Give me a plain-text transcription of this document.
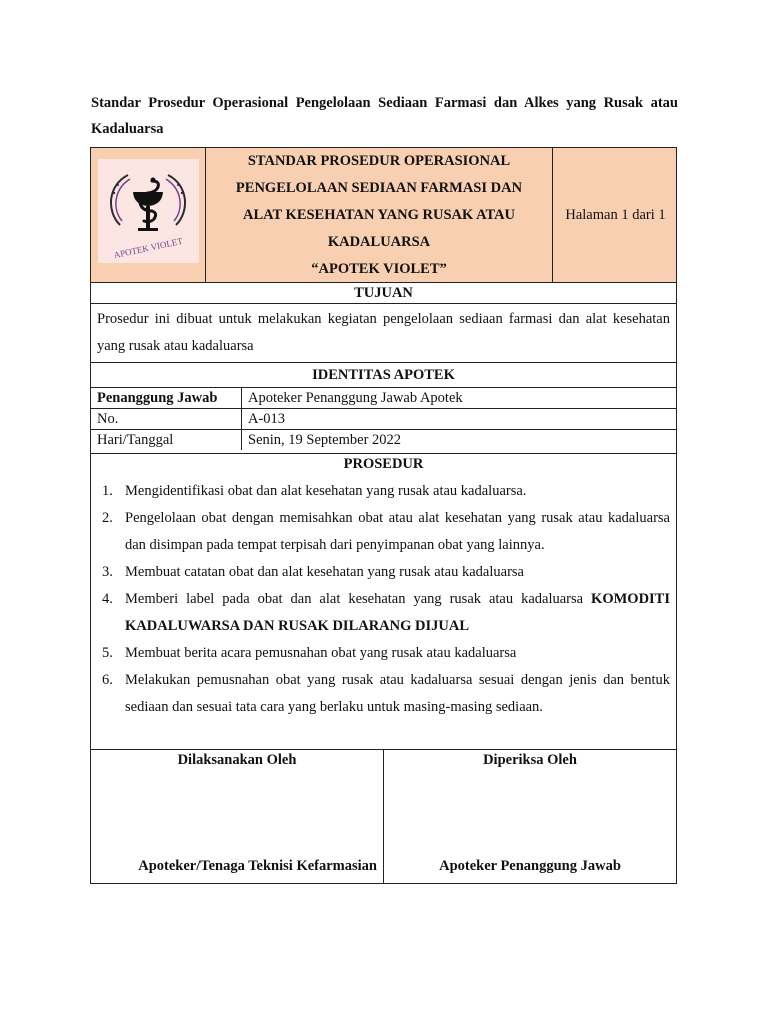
Standar Prosedur Operasional Pengelolaan Sediaan Farmasi dan Alkes yang Rusak atau Kadaluarsa
APOTEK VIOLET
STANDAR PROSEDUR OPERASIONAL
PENGELOLAAN SEDIAAN FARMASI DAN
ALAT KESEHATAN YANG RUSAK ATAU
KADALUARSA
“APOTEK VIOLET”
Halaman 1 dari 1
TUJUAN
Prosedur ini dibuat untuk melakukan kegiatan pengelolaan sediaan farmasi dan alat kesehatan yang rusak atau kadaluarsa
IDENTITAS APOTEK
Penanggung Jawab	Apoteker Penanggung Jawab Apotek
No.	A-013
Hari/Tanggal	Senin, 19 September 2022
PROSEDUR
1. Mengidentifikasi obat dan alat kesehatan yang rusak atau kadaluarsa.
2. Pengelolaan obat dengan memisahkan obat atau alat kesehatan yang rusak atau kadaluarsa dan disimpan pada tempat terpisah dari penyimpanan obat yang lainnya.
3. Membuat catatan obat dan alat kesehatan yang rusak atau kadaluarsa
4. Memberi label pada obat dan alat kesehatan yang rusak atau kadaluarsa KOMODITI KADALUWARSA DAN RUSAK DILARANG DIJUAL
5. Membuat berita acara pemusnahan obat yang rusak atau kadaluarsa
6. Melakukan pemusnahan obat yang rusak atau kadaluarsa sesuai dengan jenis dan bentuk sediaan dan sesuai tata cara yang berlaku untuk masing-masing sediaan.
Dilaksanakan Oleh
Apoteker/Tenaga Teknisi Kefarmasian
Diperiksa Oleh
Apoteker Penanggung Jawab
